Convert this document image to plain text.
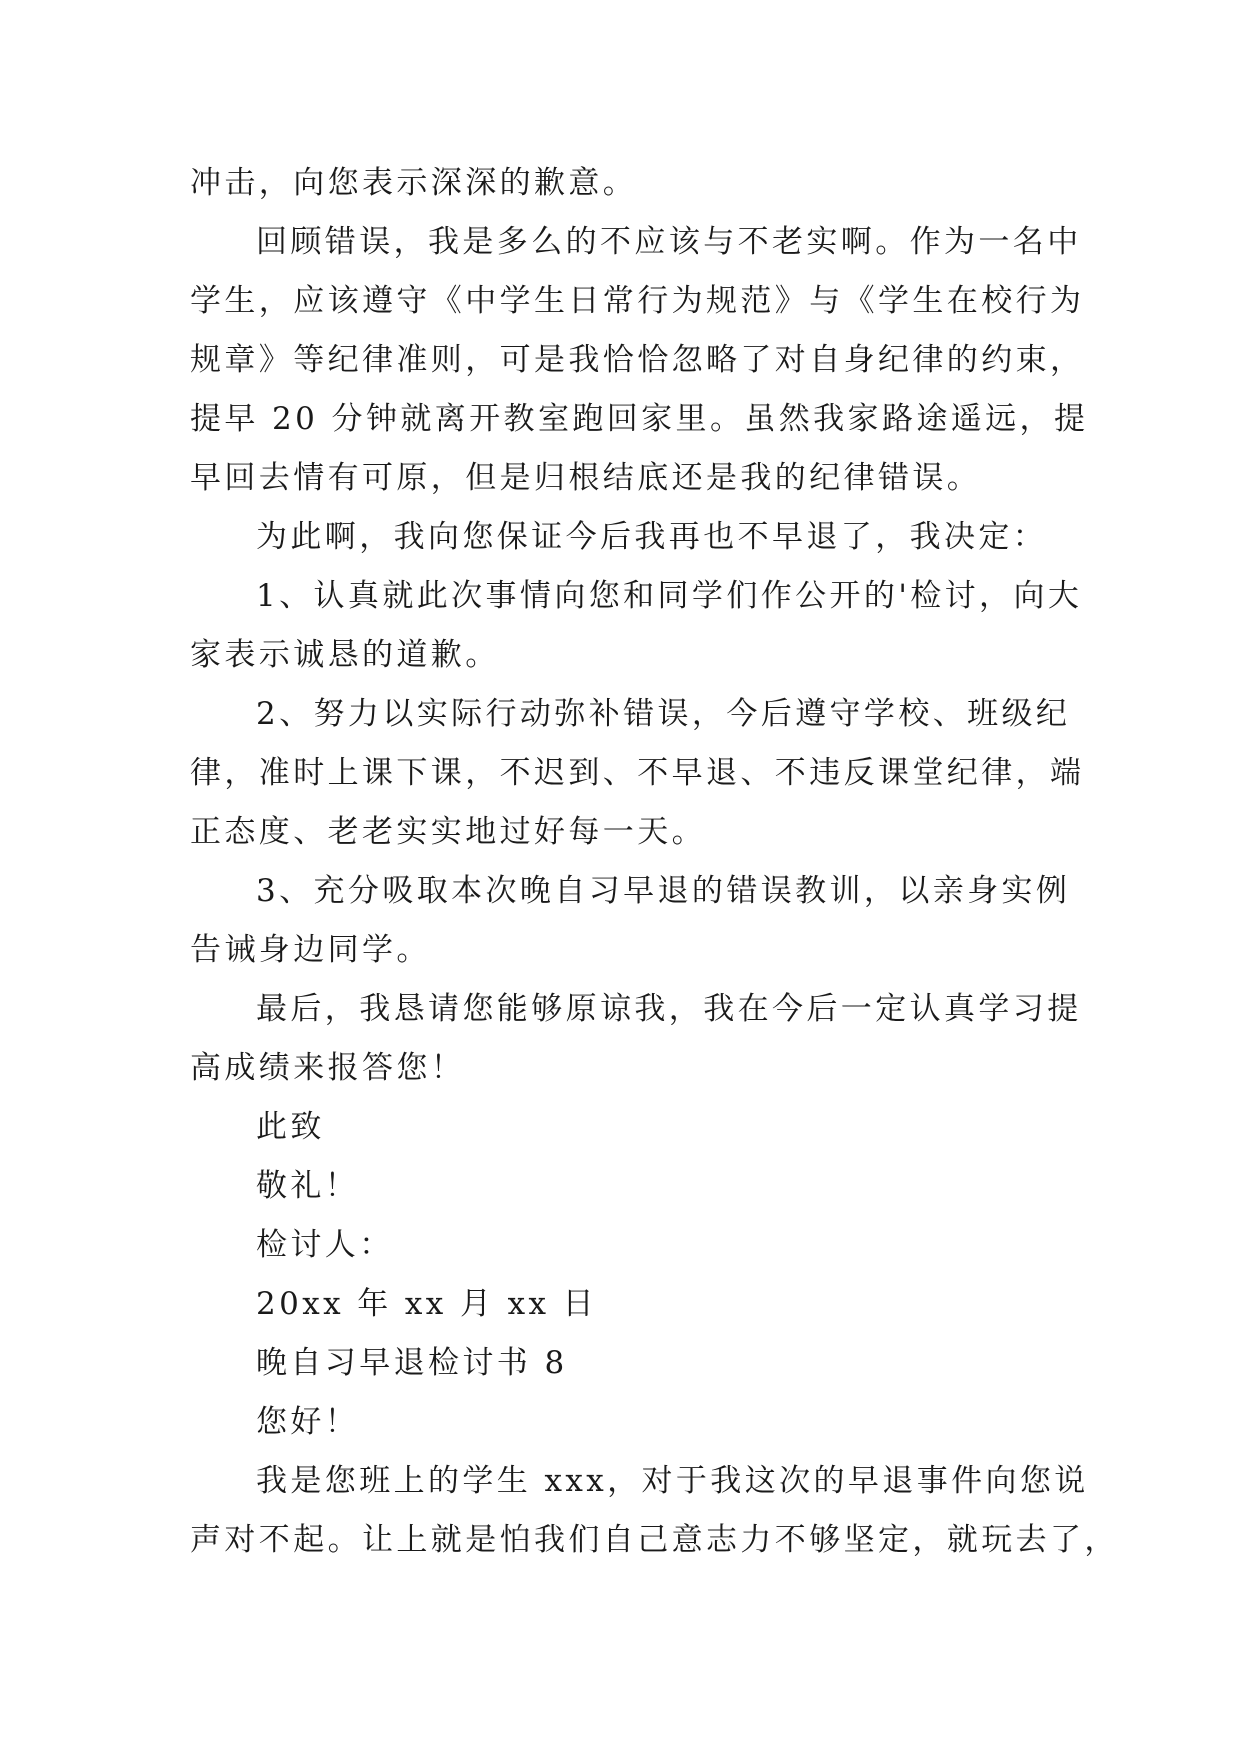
冲击，向您表示深深的歉意。
回顾错误，我是多么的不应该与不老实啊。作为一名中
学生，应该遵守《中学生日常行为规范》与《学生在校行为
规章》等纪律准则，可是我恰恰忽略了对自身纪律的约束，
提早 20 分钟就离开教室跑回家里。虽然我家路途遥远，提
早回去情有可原，但是归根结底还是我的纪律错误。
为此啊，我向您保证今后我再也不早退了，我决定：
1、认真就此次事情向您和同学们作公开的'检讨，向大
家表示诚恳的道歉。
2、努力以实际行动弥补错误，今后遵守学校、班级纪
律，准时上课下课，不迟到、不早退、不违反课堂纪律，端
正态度、老老实实地过好每一天。
3、充分吸取本次晚自习早退的错误教训，以亲身实例
告诫身边同学。
最后，我恳请您能够原谅我，我在今后一定认真学习提
高成绩来报答您！
此致
敬礼！
检讨人：
20xx 年 xx 月 xx 日
晚自习早退检讨书 8
您好！
我是您班上的学生 xxx，对于我这次的早退事件向您说
声对不起。让上就是怕我们自己意志力不够坚定，就玩去了，
